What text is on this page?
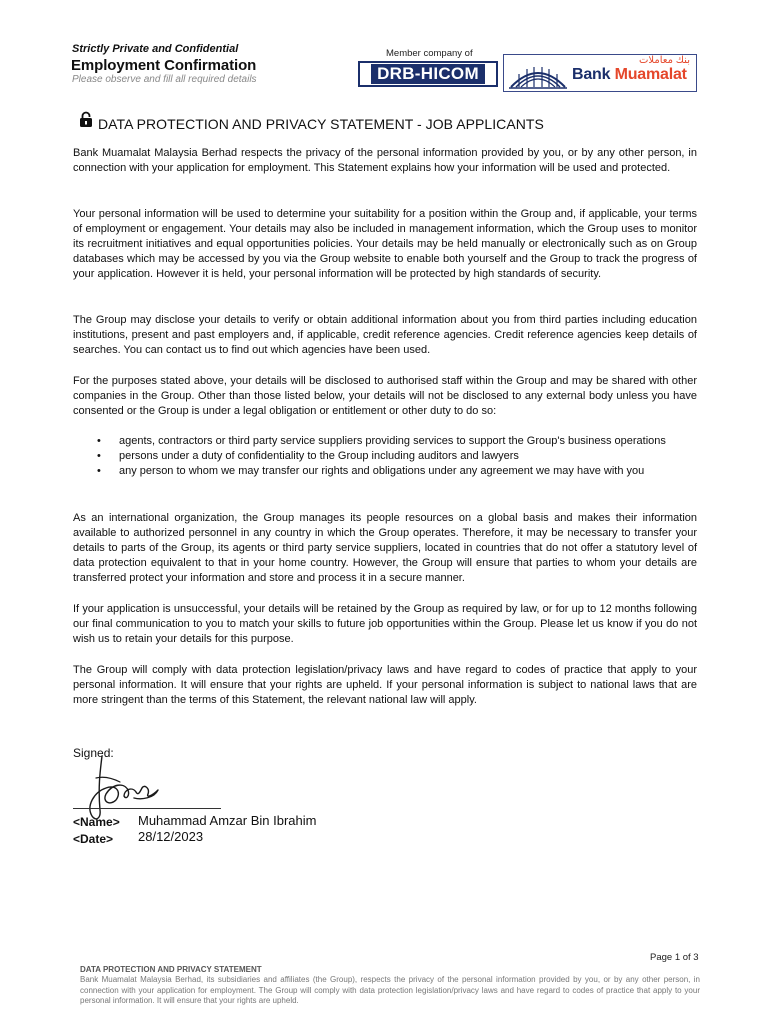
Strictly Private and Confidential
Employment Confirmation
Please observe and fill all required details
Member company of
DRB-HICOM
بنك معاملات
Bank Muamalat
DATA PROTECTION AND PRIVACY STATEMENT - JOB APPLICANTS
Bank Muamalat Malaysia Berhad respects the privacy of the personal information provided by you, or by any other person, in connection with your application for employment. This Statement explains how your information will be used and protected.
Your personal information will be used to determine your suitability for a position within the Group and, if applicable, your terms of employment or engagement. Your details may also be included in management information, which the Group uses to monitor its recruitment initiatives and equal opportunities policies. Your details may be held manually or electronically such as on Group databases which may be accessed by you via the Group website to enable both yourself and the Group to track the progress of your application. However it is held, your personal information will be protected by high standards of security.
The Group may disclose your details to verify or obtain additional information about you from third parties including education institutions, present and past employers and, if applicable, credit reference agencies. Credit reference agencies keep details of searches. You can contact us to find out which agencies have been used.
For the purposes stated above, your details will be disclosed to authorised staff within the Group and may be shared with other companies in the Group. Other than those listed below, your details will not be disclosed to any external body unless you have consented or the Group is under a legal obligation or entitlement or other duty to do so:
• agents, contractors or third party service suppliers providing services to support the Group's business operations
• persons under a duty of confidentiality to the Group including auditors and lawyers
• any person to whom we may transfer our rights and obligations under any agreement we may have with you
As an international organization, the Group manages its people resources on a global basis and makes their information available to authorized personnel in any country in which the Group operates. Therefore, it may be necessary to transfer your details to parts of the Group, its agents or third party service suppliers, located in countries that do not offer a statutory level of data protection equivalent to that in your home country. However, the Group will ensure that parties to whom your details are transferred protect your information and store and process it in a secure manner.
If your application is unsuccessful, your details will be retained by the Group as required by law, or for up to 12 months following our final communication to you to match your skills to future job opportunities within the Group. Please let us know if you do not wish us to retain your details for this purpose.
The Group will comply with data protection legislation/privacy laws and have regard to codes of practice that apply to your personal information. It will ensure that your rights are upheld. If your personal information is subject to national laws that are more stringent than the terms of this Statement, the relevant national law will apply.
Signed:
<Name> Muhammad Amzar Bin Ibrahim
<Date> 28/12/2023
Page 1 of 3
DATA PROTECTION AND PRIVACY STATEMENT
Bank Muamalat Malaysia Berhad, its subsidiaries and affiliates (the Group), respects the privacy of the personal information provided by you, or by any other person, in connection with your application for employment. The Group will comply with data protection legislation/privacy laws and have regard to codes of practice that apply to your personal information. It will ensure that your rights are upheld.
